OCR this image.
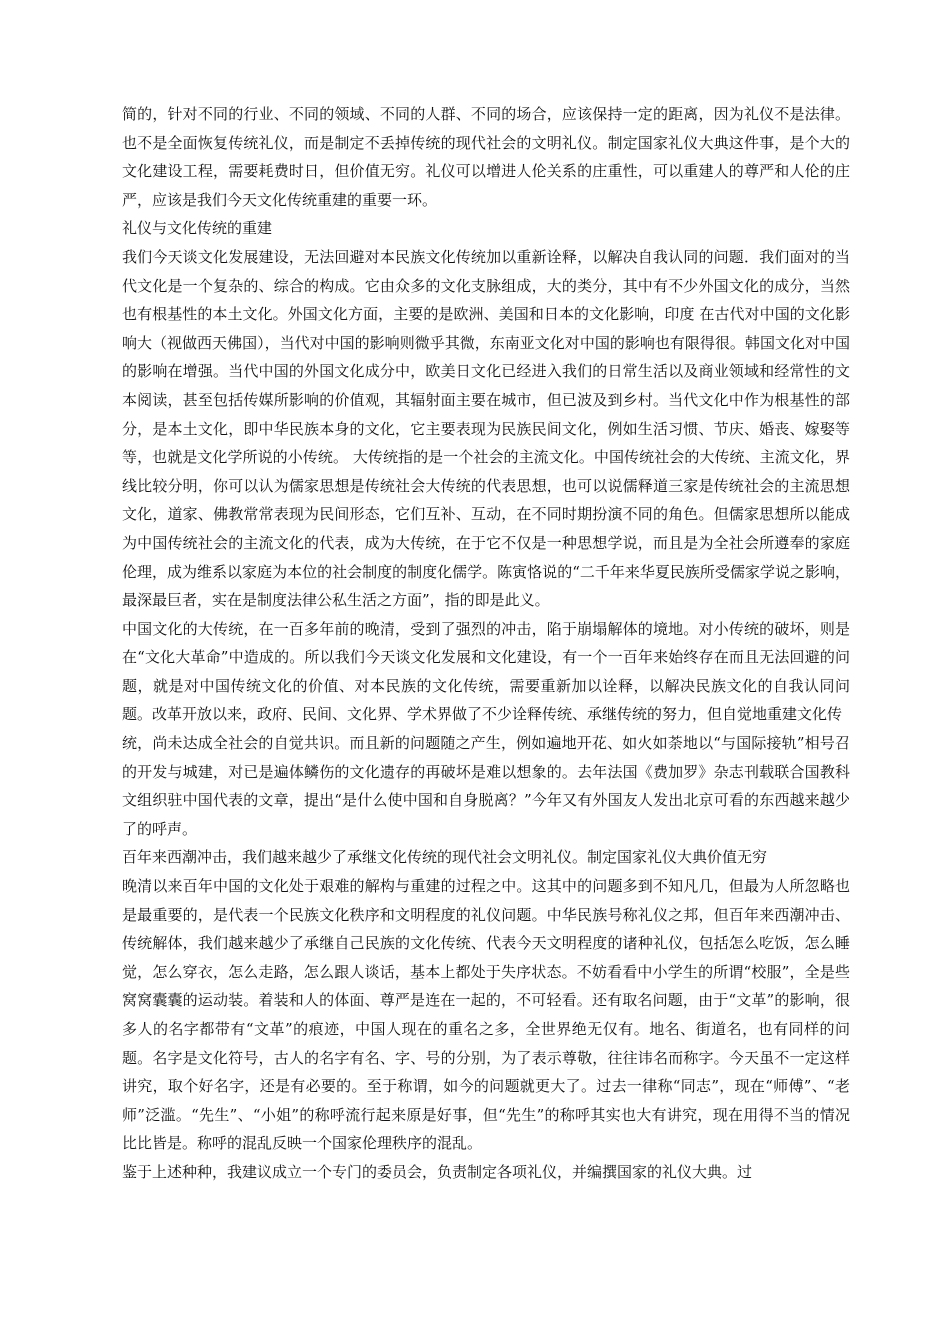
简的，针对不同的行业、不同的领域、不同的人群、不同的场合，应该保持一定的距离，因为礼仪不是法律。也不是全面恢复传统礼仪，而是制定不丢掉传统的现代社会的文明礼仪。制定国家礼仪大典这件事，是个大的文化建设工程，需要耗费时日，但价值无穷。礼仪可以增进人伦关系的庄重性，可以重建人的尊严和人伦的庄严，应该是我们今天文化传统重建的重要一环。

礼仪与文化传统的重建

我们今天谈文化发展建设，无法回避对本民族文化传统加以重新诠释，以解决自我认同的问题．我们面对的当代文化是一个复杂的、综合的构成。它由众多的文化支脉组成，大的类分，其中有不少外国文化的成分，当然也有根基性的本土文化。外国文化方面，主要的是欧洲、美国和日本的文化影响，印度 在古代对中国的文化影响大（视做西天佛国），当代对中国的影响则微乎其微，东南亚文化对中国的影响也有限得很。韩国文化对中国的影响在增强。当代中国的外国文化成分中，欧美日文化已经进入我们的日常生活以及商业领域和经常性的文本阅读，甚至包括传媒所影响的价值观，其辐射面主要在城市，但已波及到乡村。当代文化中作为根基性的部分，是本土文化，即中华民族本身的文化，它主要表现为民族民间文化，例如生活习惯、节庆、婚丧、嫁娶等等，也就是文化学所说的小传统。 大传统指的是一个社会的主流文化。中国传统社会的大传统、主流文化，界线比较分明，你可以认为儒家思想是传统社会大传统的代表思想，也可以说儒释道三家是传统社会的主流思想文化，道家、佛教常常表现为民间形态，它们互补、互动，在不同时期扮演不同的角色。但儒家思想所以能成为中国传统社会的主流文化的代表，成为大传统，在于它不仅是一种思想学说，而且是为全社会所遵奉的家庭伦理，成为维系以家庭为本位的社会制度的制度化儒学。陈寅恪说的“二千年来华夏民族所受儒家学说之影响，最深最巨者，实在是制度法律公私生活之方面”，指的即是此义。

中国文化的大传统，在一百多年前的晚清，受到了强烈的冲击，陷于崩塌解体的境地。对小传统的破坏，则是在“文化大革命”中造成的。所以我们今天谈文化发展和文化建设，有一个一百年来始终存在而且无法回避的问题，就是对中国传统文化的价值、对本民族的文化传统，需要重新加以诠释，以解决民族文化的自我认同问题。改革开放以来，政府、民间、文化界、学术界做了不少诠释传统、承继传统的努力，但自觉地重建文化传

统，尚未达成全社会的自觉共识。而且新的问题随之产生，例如遍地开花、如火如荼地以“与国际接轨”相号召的开发与城建，对已是遍体鳞伤的文化遗存的再破坏是难以想象的。去年法国《费加罗》杂志刊载联合国教科文组织驻中国代表的文章，提出“是什么使中国和自身脱离？”今年又有外国友人发出北京可看的东西越来越少了的呼声。

百年来西潮冲击，我们越来越少了承继文化传统的现代社会文明礼仪。制定国家礼仪大典价值无穷

晚清以来百年中国的文化处于艰难的解构与重建的过程之中。这其中的问题多到不知凡几，但最为人所忽略也是最重要的，是代表一个民族文化秩序和文明程度的礼仪问题。中华民族号称礼仪之邦，但百年来西潮冲击、传统解体，我们越来越少了承继自己民族的文化传统、代表今天文明程度的诸种礼仪，包括怎么吃饭，怎么睡觉，怎么穿衣，怎么走路，怎么跟人谈话，基本上都处于失序状态。不妨看看中小学生的所谓“校服”，全是些窝窝囊囊的运动装。着装和人的体面、尊严是连在一起的，不可轻看。还有取名问题，由于“文革”的影响，很多人的名字都带有“文革”的痕迹，中国人现在的重名之多，全世界绝无仅有。地名、街道名，也有同样的问题。名字是文化符号，古人的名字有名、字、号的分别，为了表示尊敬，往往讳名而称字。今天虽不一定这样讲究，取个好名字，还是有必要的。至于称谓，如今的问题就更大了。过去一律称“同志”，现在“师傅”、“老师”泛滥。“先生”、“小姐”的称呼流行起来原是好事，但“先生”的称呼其实也大有讲究，现在用得不当的情况比比皆是。称呼的混乱反映一个国家伦理秩序的混乱。

鉴于上述种种，我建议成立一个专门的委员会，负责制定各项礼仪，并编撰国家的礼仪大典。过
